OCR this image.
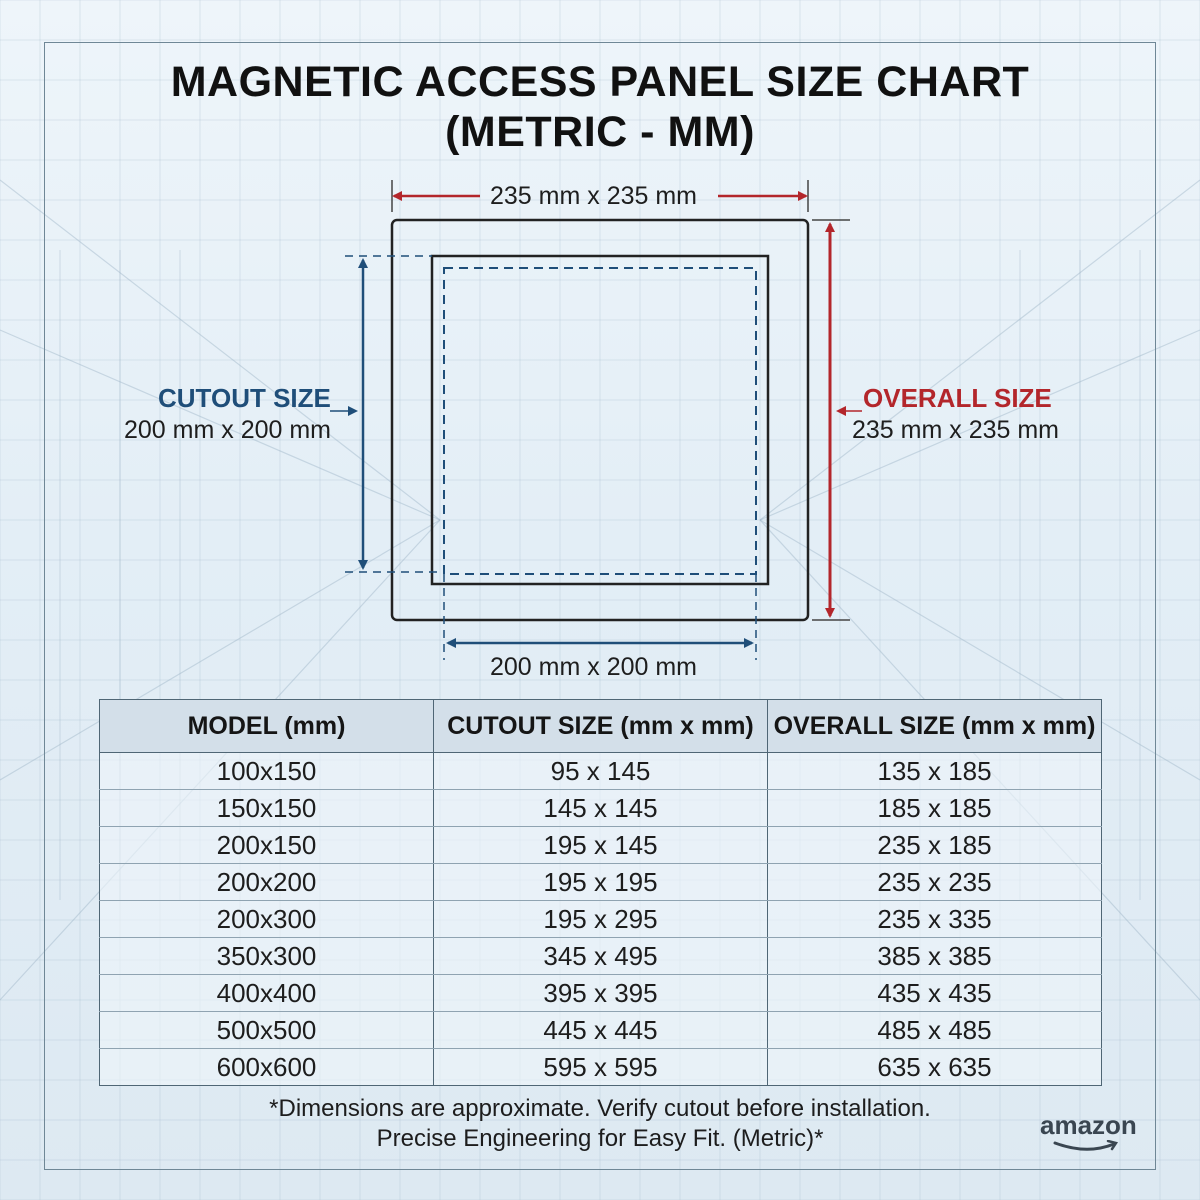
MAGNETIC ACCESS PANEL SIZE CHART
(METRIC - MM)
235 mm x 235 mm
200 mm x 200 mm
CUTOUT SIZE
200 mm x 200 mm
OVERALL SIZE
235 mm x 235 mm
MODEL (mm)	CUTOUT SIZE (mm x mm)	OVERALL SIZE (mm x mm)
100x150	95 x 145	135 x 185
150x150	145 x 145	185 x 185
200x150	195 x 145	235 x 185
200x200	195 x 195	235 x 235
200x300	195 x 295	235 x 335
350x300	345 x 495	385 x 385
400x400	395 x 395	435 x 435
500x500	445 x 445	485 x 485
600x600	595 x 595	635 x 635
*Dimensions are approximate. Verify cutout before installation.
Precise Engineering for Easy Fit. (Metric)*	amazon
